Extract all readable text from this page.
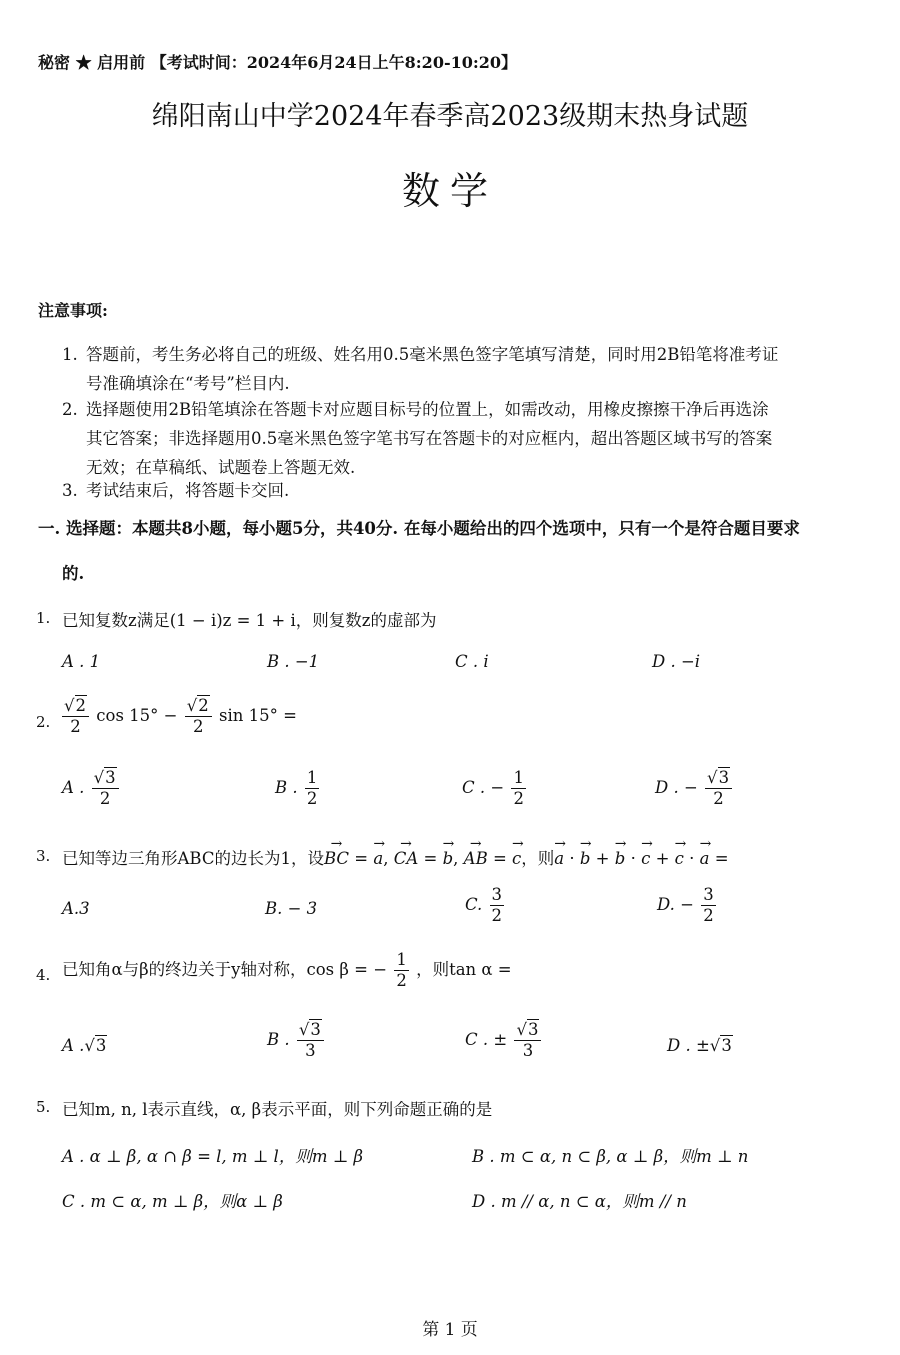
秘密 ★ 启用前 【考试时间：2024年6月24日上午8:20-10:20】
绵阳南山中学2024年春季高2023级期末热身试题
数学
注意事项:
1. 答题前，考生务必将自己的班级、姓名用0.5毫米黑色签字笔填写清楚，同时用2B铅笔将准考证
号准确填涂在“考号”栏目内.
2. 选择题使用2B铅笔填涂在答题卡对应题目标号的位置上，如需改动，用橡皮擦擦干净后再选涂
其它答案；非选择题用0.5毫米黑色签字笔书写在答题卡的对应框内，超出答题区域书写的答案
无效；在草稿纸、试题卷上答题无效.
3. 考试结束后，将答题卡交回.
一. 选择题：本题共8小题，每小题5分，共40分. 在每小题给出的四个选项中，只有一个是符合题目要求
的.
1. 已知复数z满足(1 − i)z = 1 + i，则复数z的虚部为
A . 1	B . −1	C . i	D . −i
2. $\frac{√2}{2}$ $\cos 15^\circ - \frac{√2}{2}$ sin 15° =
A . $\frac{√3}{2}$	B . $\frac{1}{2}$	C . − $\frac{1}{2}$	D . − $\frac{√3}{2}$
3. 已知等边三角形ABC的边长为1，设→ BC = → a, → CA = → b, → AB = → c，则→ a · → b + → b · → c + → c · → a =
A.3	B. − 3	C. $\frac{3}{2}$	D. − $\frac{3}{2}$
4. 已知角α与β的终边关于y轴对称，cos β = − $\frac{1}{2}$ ，则tan α =
A .√3	B . $\frac{√3}{3}$	C . ± $\frac{√3}{3}$	D . ±√3
5. 已知m, n, l表示直线，α, β表示平面，则下列命题正确的是
A . α ⊥ β, α ∩ β = l, m ⊥ l，则m ⊥ β	B . m ⊂ α, n ⊂ β, α ⊥ β，则m ⊥ n
C . m ⊂ α, m ⊥ β，则α ⊥ β	D . m // α, n ⊂ α，则m // n
第 1 页
